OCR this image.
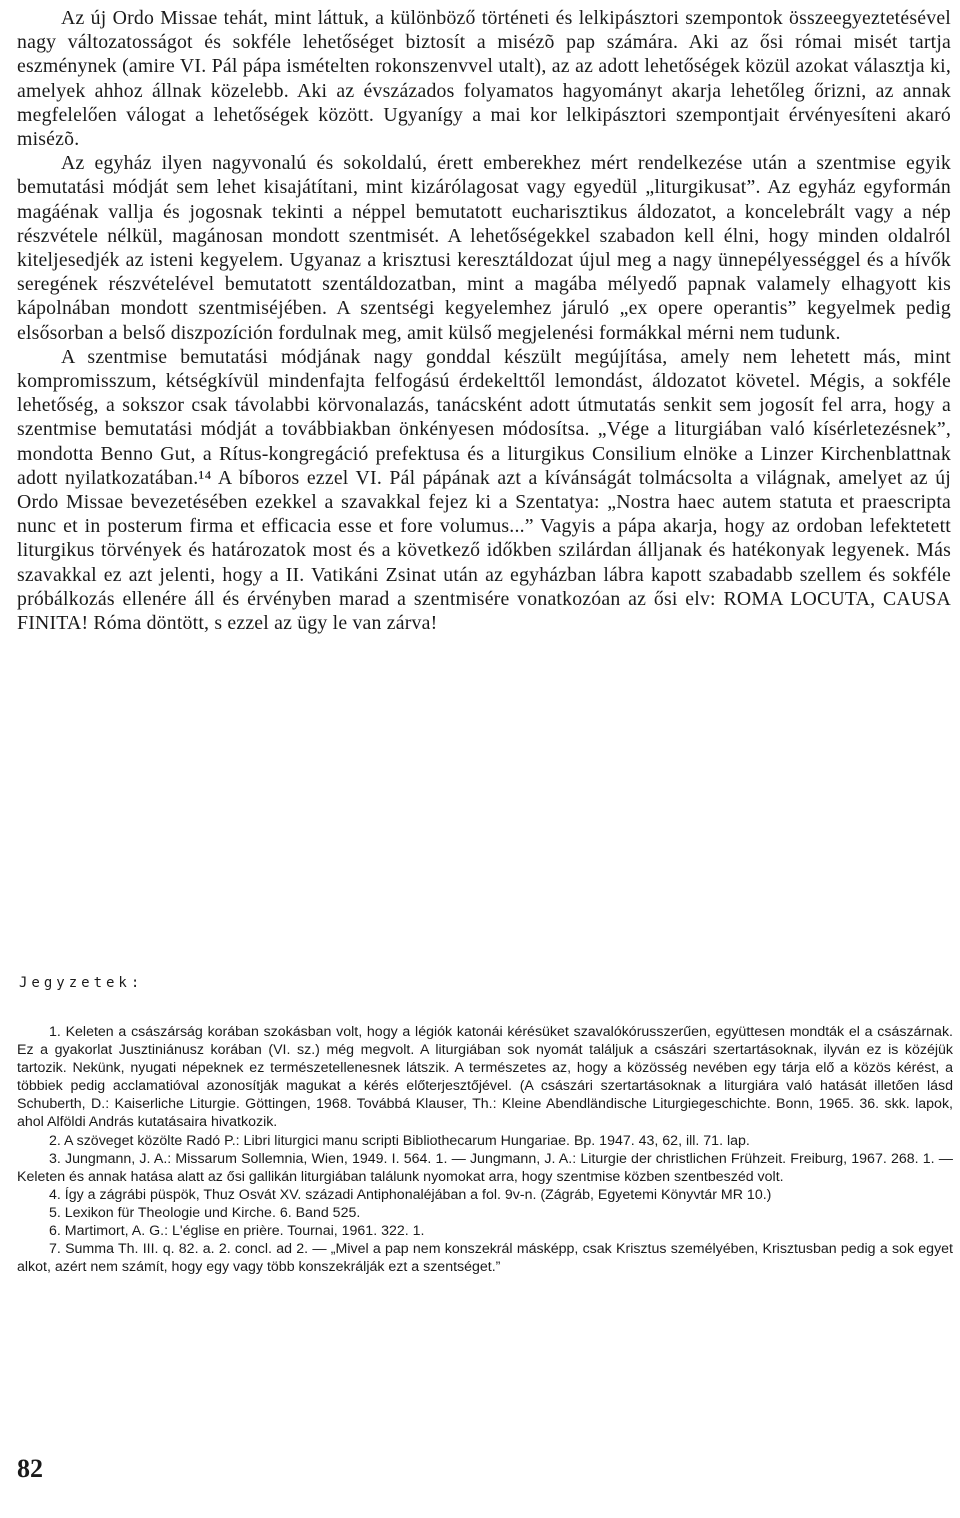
Az új Ordo Missae tehát, mint láttuk, a különböző történeti és lelkipásztori szempontok összeegyeztetésével nagy változatosságot és sokféle lehetőséget biztosít a misézõ pap számára. Aki az ősi római misét tartja eszménynek (amire VI. Pál pápa ismételten rokonszenvvel utalt), az az adott lehetőségek közül azokat választja ki, amelyek ahhoz állnak közelebb. Aki az évszázados folyamatos hagyományt akarja lehetőleg őrizni, az annak megfelelően válogat a lehetőségek között. Ugyanígy a mai kor lelkipásztori szempontjait érvényesíteni akaró misézõ.

Az egyház ilyen nagyvonalú és sokoldalú, érett emberekhez mért rendelkezése után a szentmise egyik bemutatási módját sem lehet kisajátítani, mint kizárólagosat vagy egyedül „liturgikusat”. Az egyház egyformán magáénak vallja és jogosnak tekinti a néppel bemutatott eucharisztikus áldozatot, a koncelebrált vagy a nép részvétele nélkül, magánosan mondott szentmisét. A lehetőségekkel szabadon kell élni, hogy minden oldalról kiteljesedjék az isteni kegyelem. Ugyanaz a krisztusi keresztáldozat újul meg a nagy ünnepélyességgel és a hívők seregének részvételével bemutatott szentáldozatban, mint a magába mélyedő papnak valamely elhagyott kis kápolnában mondott szentmiséjében. A szentségi kegyelemhez járuló „ex opere operantis” kegyelmek pedig elsősorban a belső diszpozíción fordulnak meg, amit külső megjelenési formákkal mérni nem tudunk.

A szentmise bemutatási módjának nagy gonddal készült megújítása, amely nem lehetett más, mint kompromisszum, kétségkívül mindenfajta felfogású érdekelttől lemondást, áldozatot követel. Mégis, a sokféle lehetőség, a sokszor csak távolabbi körvonalazás, tanácsként adott útmutatás senkit sem jogosít fel arra, hogy a szentmise bemutatási módját a továbbiakban önkényesen módosítsa. „Vége a liturgiában való kísérletezésnek”, mondotta Benno Gut, a Rítus-kongregáció prefektusa és a liturgikus Consilium elnöke a Linzer Kirchenblattnak adott nyilatkozatában.¹⁴ A bíboros ezzel VI. Pál pápának azt a kívánságát tolmácsolta a világnak, amelyet az új Ordo Missae bevezetésében ezekkel a szavakkal fejez ki a Szentatya: „Nostra haec autem statuta et praescripta nunc et in posterum firma et efficacia esse et fore volumus...” Vagyis a pápa akarja, hogy az ordoban lefektetett liturgikus törvények és határozatok most és a következő időkben szilárdan álljanak és hatékonyak legyenek. Más szavakkal ez azt jelenti, hogy a II. Vatikáni Zsinat után az egyházban lábra kapott szabadabb szellem és sokféle próbálkozás ellenére áll és érvényben marad a szentmisére vonatkozóan az ősi elv: ROMA LOCUTA, CAUSA FINITA! Róma döntött, s ezzel az ügy le van zárva!

Jegyzetek:

1. Keleten a császárság korában szokásban volt, hogy a légiók katonái kérésüket szavalókórusszerűen, együttesen mondták el a császárnak. Ez a gyakorlat Jusztiniánusz korában (VI. sz.) még megvolt. A liturgiában sok nyomát találjuk a császári szertartásoknak, ilyván ez is közéjük tartozik. Nekünk, nyugati népeknek ez természetellenesnek látszik. A természetes az, hogy a közösség nevében egy tárja elő a közös kérést, a többiek pedig acclamatióval azonosítják magukat a kérés előterjesztőjével. (A császári szertartásoknak a liturgiára való hatását illetően lásd Schuberth, D.: Kaiserliche Liturgie. Göttingen, 1968. Továbbá Klauser, Th.: Kleine Abendländische Liturgiegeschichte. Bonn, 1965. 36. skk. lapok, ahol Alföldi András kutatásaira hivatkozik.

2. A szöveget közölte Radó P.: Libri liturgici manu scripti Bibliothecarum Hungariae. Bp. 1947. 43, 62, ill. 71. lap.

3. Jungmann, J. A.: Missarum Sollemnia, Wien, 1949. I. 564. 1. — Jungmann, J. A.: Liturgie der christlichen Frühzeit. Freiburg, 1967. 268. 1. — Keleten és annak hatása alatt az ősi gallikán liturgiában találunk nyomokat arra, hogy szentmise közben szentbeszéd volt.

4. Így a zágrábi püspök, Thuz Osvát XV. századi Antiphonaléjában a fol. 9v-n. (Zágráb, Egyetemi Könyvtár MR 10.)

5. Lexikon für Theologie und Kirche. 6. Band 525.

6. Martimort, A. G.: L'église en prière. Tournai, 1961. 322. 1.

7. Summa Th. III. q. 82. a. 2. concl. ad 2. — „Mivel a pap nem konszekrál másképp, csak Krisztus személyében, Krisztusban pedig a sok egyet alkot, azért nem számít, hogy egy vagy több konszekrálják ezt a szentséget.”

82
